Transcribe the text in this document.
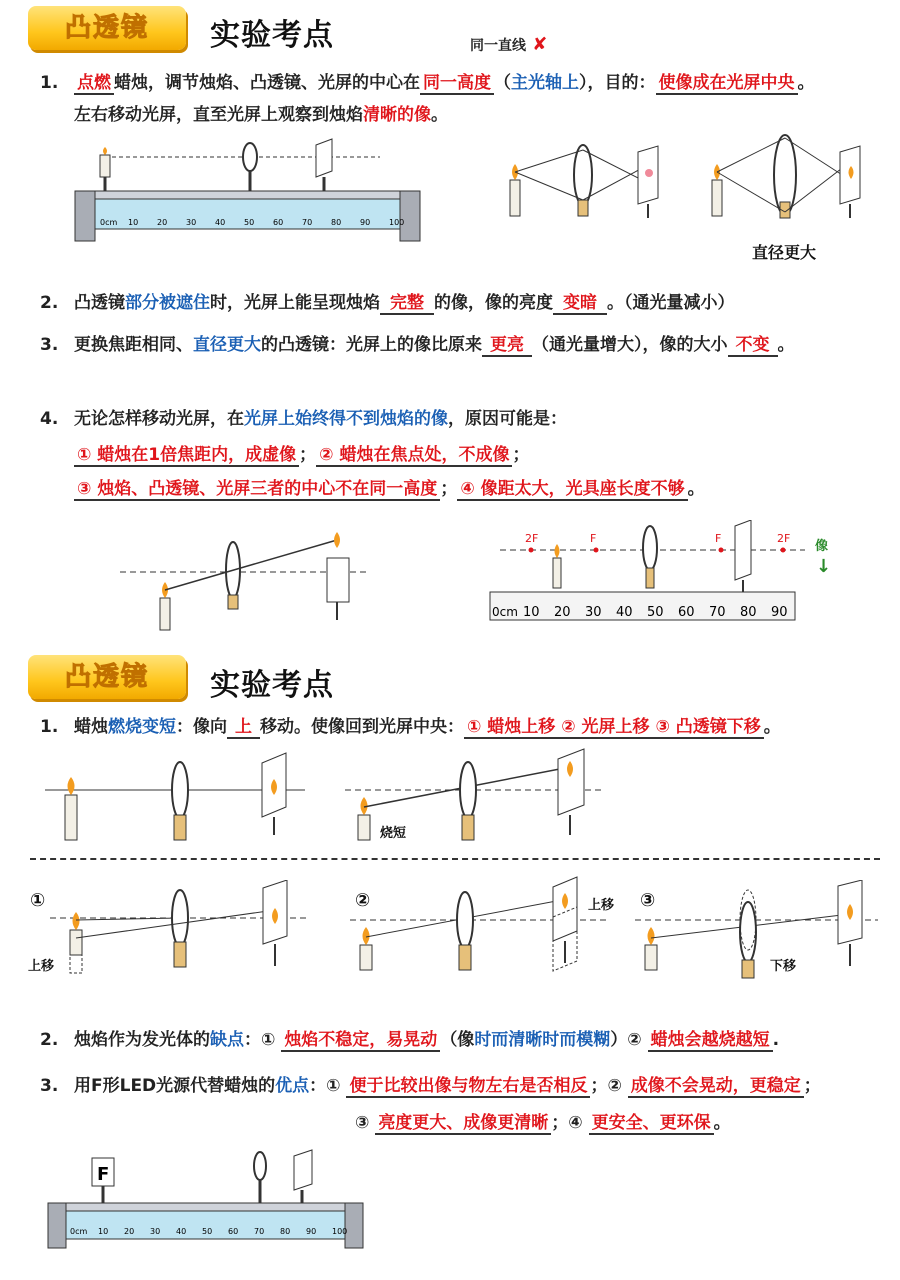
凸透镜	实验考点	同一直线 ✘
1. 点燃 蜡烛，调节烛焰、凸透镜、光屏的中心在 同一高度 （主光轴上），目的： 使像成在光屏中央 。
左右移动光屏，直至光屏上观察到烛焰清晰的像。
0cm 10 20 30 40 50 60 70 80 90 100
直径更大
2. 凸透镜部分被遮住时，光屏上能呈现烛焰 完整 的像，像的亮度 变暗 。（通光量减小）
3. 更换焦距相同、直径更大的凸透镜：光屏上的像比原来 更亮 （通光量增大），像的大小 不变 。
4. 无论怎样移动光屏，在光屏上始终得不到烛焰的像，原因可能是：
① 蜡烛在1倍焦距内，成虚像 ； ② 蜡烛在焦点处，不成像 ；
③ 烛焰、凸透镜、光屏三者的中心不在同一高度 ； ④ 像距太大，光具座长度不够 。
2F	F	F	2F
0cm 10 20 30 40 50 60 70 80 90
像
↓
凸透镜	实验考点
1. 蜡烛燃烧变短：像向 上 移动。使像回到光屏中央： ① 蜡烛上移 ② 光屏上移 ③ 凸透镜下移 。
烧短
①	②	③
上移
上移
下移
2. 烛焰作为发光体的缺点：① 烛焰不稳定，易晃动 （像时而清晰时而模糊）② 蜡烛会越烧越短 .
3. 用F形LED光源代替蜡烛的优点：① 便于比较出像与物左右是否相反 ；② 成像不会晃动，更稳定 ；
③ 亮度更大、成像更清晰 ；④ 更安全、更环保 。
F
0cm 10 20 30 40 50 60 70 80 90 100
